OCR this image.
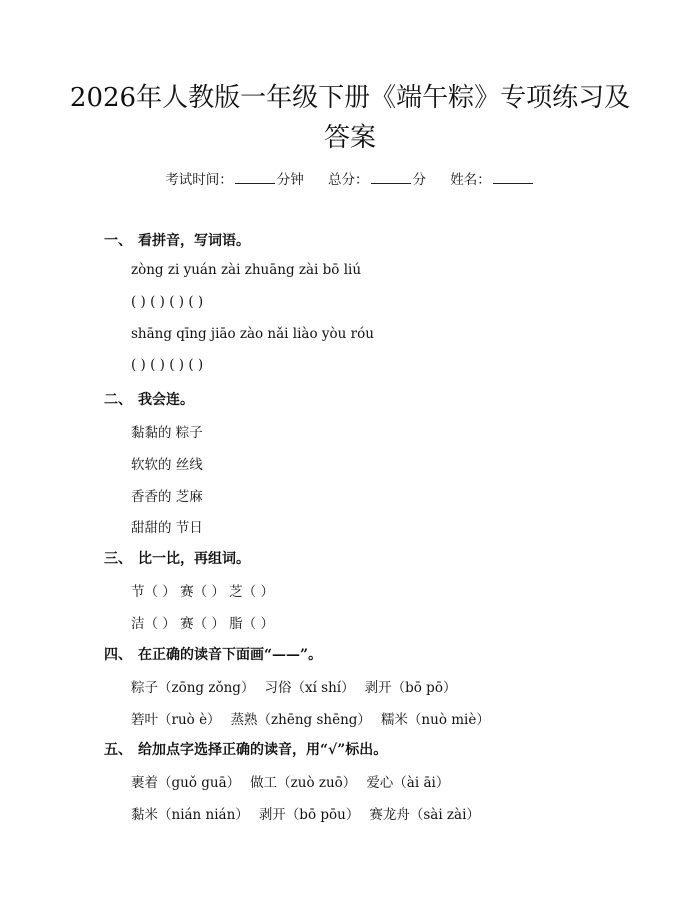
2026年人教版一年级下册《端午粽》专项练习及答案
考试时间：	分钟 总分：	分 姓名：
一、 看拼音，写词语。
zòng zi yuán zài zhuāng zài bō liú
( ) ( ) ( ) ( )
shāng qīng jiāo zào nǎi liào yòu róu
( ) ( ) ( ) ( )
二、 我会连。
黏黏的 粽子
软软的 丝线
香香的 芝麻
甜甜的 节日
三、 比一比，再组词。
节（ ） 赛（ ） 芝（ ）
洁（ ） 赛（ ） 脂（ ）
四、 在正确的读音下面画“——”。
粽子（zōng zǒng） 习俗（xí shí） 剥开（bō pō）
箬叶（ruò è） 蒸熟（zhēng shēng） 糯米（nuò miè）
五、 给加点字选择正确的读音，用“√”标出。
裹着（guǒ guā） 做工（zuò zuō） 爱心（ài āi）
黏米（nián nián） 剥开（bō pōu） 赛龙舟（sài zài）
